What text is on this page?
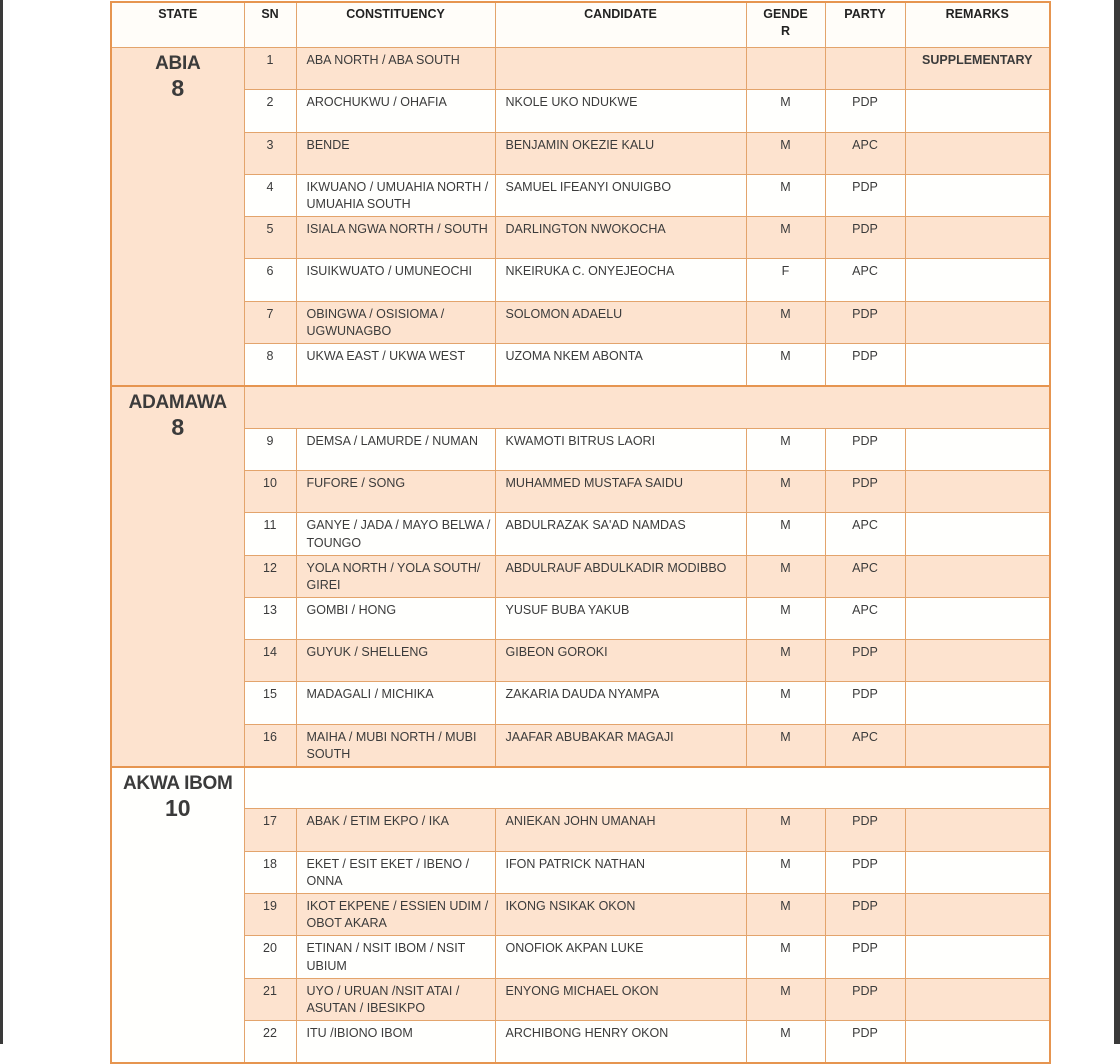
STATE	SN	CONSTITUENCY	CANDIDATE	GENDE R	PARTY	REMARKS

ABIA
8	1	ABA NORTH / ABA SOUTH				SUPPLEMENTARY
	2	AROCHUKWU / OHAFIA	NKOLE UKO NDUKWE	M	PDP	
	3	BENDE	BENJAMIN OKEZIE KALU	M	APC	
	4	IKWUANO / UMUAHIA NORTH / UMUAHIA SOUTH	SAMUEL IFEANYI ONUIGBO	M	PDP	
	5	ISIALA NGWA NORTH / SOUTH	DARLINGTON NWOKOCHA	M	PDP	
	6	ISUIKWUATO / UMUNEOCHI	NKEIRUKA C. ONYEJEOCHA	F	APC	
	7	OBINGWA / OSISIOMA / UGWUNAGBO	SOLOMON ADAELU	M	PDP	
	8	UKWA EAST / UKWA WEST	UZOMA NKEM ABONTA	M	PDP	

ADAMAWA
8						

	9	DEMSA / LAMURDE / NUMAN	KWAMOTI BITRUS LAORI	M	PDP	
	10	FUFORE / SONG	MUHAMMED MUSTAFA SAIDU	M	PDP	
	11	GANYE / JADA / MAYO BELWA / TOUNGO	ABDULRAZAK SA'AD NAMDAS	M	APC	
	12	YOLA NORTH / YOLA SOUTH/ GIREI	ABDULRAUF ABDULKADIR MODIBBO	M	APC	
	13	GOMBI / HONG	YUSUF BUBA YAKUB	M	APC	
	14	GUYUK / SHELLENG	GIBEON GOROKI	M	PDP	
	15	MADAGALI / MICHIKA	ZAKARIA DAUDA NYAMPA	M	PDP	
	16	MAIHA / MUBI NORTH / MUBI SOUTH	JAAFAR ABUBAKAR MAGAJI	M	APC	

AKWA IBOM
10						

	17	ABAK / ETIM EKPO / IKA	ANIEKAN JOHN UMANAH	M	PDP	
	18	EKET / ESIT EKET / IBENO / ONNA	IFON PATRICK NATHAN	M	PDP	
	19	IKOT EKPENE / ESSIEN UDIM / OBOT AKARA	IKONG NSIKAK OKON	M	PDP	
	20	ETINAN / NSIT IBOM / NSIT UBIUM	ONOFIOK AKPAN LUKE	M	PDP	
	21	UYO / URUAN /NSIT ATAI / ASUTAN / IBESIKPO	ENYONG MICHAEL OKON	M	PDP	
	22	ITU /IBIONO IBOM	ARCHIBONG HENRY OKON	M	PDP	
